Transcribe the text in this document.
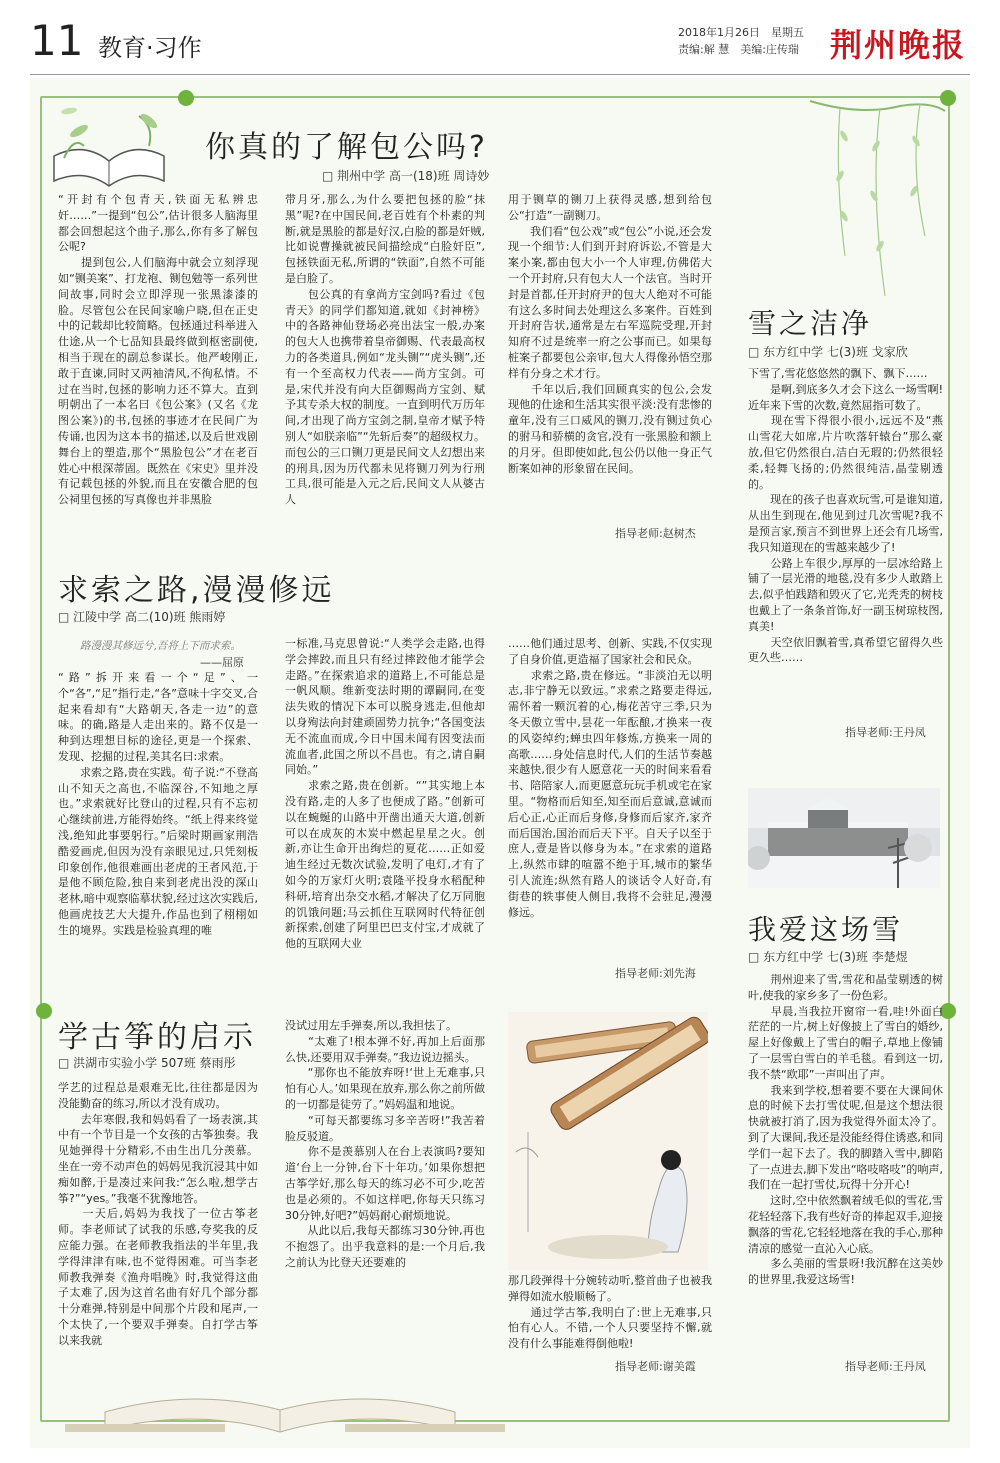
11 教育·习作
2018年1月26日　星期五
责编:解 慧　美编:庄传瑞 荆州晚报
你真的了解包公吗?
□ 荆州中学 高一(18)班 周诗妙
“开封有个包青天,铁面无私辨忠奸……”一提到“包公”,估计很多人脑海里都会回想起这个曲子,那么,你有多了解包公呢?
　　提到包公,人们脑海中就会立刻浮现如“铡美案”、打龙袍、铡包勉等一系列世间故事,同时会立即浮现一张黑漆漆的脸。尽管包公在民间家喻户晓,但在正史中的记载却比较简略。包拯通过科举进入仕途,从一个七品知县最终做到枢密副使,相当于现在的副总参谋长。他严峻刚正,敢于直谏,同时又两袖清风,不徇私情。不过在当时,包拯的影响力还不算大。直到明朝出了一本名曰《包公案》(又名《龙图公案》)的书,包拯的事迹才在民间广为传诵,也因为这本书的描述,以及后世戏剧舞台上的塑造,那个“黑脸包公”才在老百姓心中根深蒂固。既然在《宋史》里并没有记载包拯的外貌,而且在安徽合肥的包公祠里包拯的写真像也并非黑脸
带月牙,那么,为什么要把包拯的脸“抹黑”呢?在中国民间,老百姓有个朴素的判断,就是黑脸的都是好汉,白脸的都是奸贼,比如说曹操就被民间描绘成“白脸奸臣”,包拯铁面无私,所谓的“铁面”,自然不可能是白脸了。
　　包公真的有拿尚方宝剑吗?看过《包青天》的同学们都知道,就如《封神榜》中的各路神仙登场必亮出法宝一般,办案的包大人也携带着皇帝御赐、代表最高权力的各类道具,例如“龙头铡”“虎头铡”,还有一个至高权力代表——尚方宝剑。可是,宋代并没有向大臣御赐尚方宝剑、赋予其专杀大权的制度。一直到明代万历年间,才出现了尚方宝剑之制,皇帝才赋予特别人“如朕亲临”“先斩后奏”的超级权力。而包公的三口铡刀更是民间文人幻想出来的刑具,因为历代都未见将铡刀列为行刑工具,很可能是入元之后,民间文人从婆古人
用于铡草的铡刀上获得灵感,想到给包公“打造”一副铡刀。
　　我们看“包公戏”或“包公”小说,还会发现一个细节:人们到开封府诉讼,不管是大案小案,都由包大小一个人审理,仿佛偌大一个开封府,只有包大人一个法官。当时开封是首都,任开封府尹的包大人绝对不可能有这么多时间去处理这么多案件。百姓到开封府告状,通常是左右军巡院受理,开封知府不过是统率一府之公事而已。如果每桩案子都要包公亲审,包大人得像孙悟空那样有分身之术才行。
　　千年以后,我们回顾真实的包公,会发现他的仕途和生活其实很平淡:没有悲惨的童年,没有三口威风的铡刀,没有铡过负心的驸马和骄横的贪官,没有一张黑脸和额上的月牙。但即使如此,包公仍以他一身正气断案如神的形象留在民间。
指导老师:赵树杰
求索之路,漫漫修远
□ 江陵中学 高二(10)班 熊雨婷
路漫漫其修远兮,吾将上下而求索。
——屈原
“路”拆开来看一个“足”、一个“各”,“足”指行走,“各”意味十字交叉,合起来看却有“大路朝天,各走一边”的意味。的确,路是人走出来的。路不仅是一种到达理想目标的途径,更是一个探索、发现、挖掘的过程,美其名曰:求索。
　　求索之路,贵在实践。荀子说:“不登高山不知天之高也,不临深谷,不知地之厚也。”求索就好比登山的过程,只有不忘初心继续前进,方能得始终。“纸上得来终觉浅,绝知此事要躬行。”后梁时期画家荆浩酷爱画虎,但因为没有亲眼见过,只凭刻板印象创作,他很难画出老虎的王者风范,于是他不顾危险,独自来到老虎出没的深山老林,暗中观察临摹状貌,经过这次实践后,他画虎技艺大大提升,作品也到了栩栩如生的境界。实践是检验真理的唯
一标准,马克思曾说:“人类学会走路,也得学会摔跤,而且只有经过摔跤他才能学会走路。”在探索追求的道路上,不可能总是一帆风顺。维新变法时期的谭嗣同,在变法失败的情况下本可以脱身逃走,但他却以身殉法向封建顽固势力抗争;“各国变法无不流血而成,今日中国未闻有因变法而流血者,此国之所以不昌也。有之,请自嗣同始。”
　　求索之路,贵在创新。“”其实地上本没有路,走的人多了也便成了路。”创新可以在蜿蜒的山路中开凿出通天大道,创新可以在成灰的木炭中燃起星星之火。创新,亦让生命开出绚烂的夏花……正如爱迪生经过无数次试验,发明了电灯,才有了如今的万家灯火明;袁隆平投身水稻配种科研,培育出杂交水稻,才解决了亿万同胞的饥饿问题;马云抓住互联网时代特征创新探索,创建了阿里巴巴支付宝,才成就了他的互联网大业
……他们通过思考、创新、实践,不仅实现了自身价值,更造福了国家社会和民众。
　　求索之路,贵在修远。“非淡泊无以明志,非宁静无以致远。”求索之路要走得远,需怀着一颗沉着的心,梅花苦守三季,只为冬天傲立雪中,昙花一年酝酿,才换来一夜的风姿绰约;蝉虫四年修炼,方换来一周的高歌……身处信息时代,人们的生活节奏越来越快,很少有人愿意花一天的时间来看看书、陪陪家人,而更愿意玩玩手机或宅在家里。“物格而后知至,知至而后意诚,意诚而后心正,心正而后身修,身修而后家齐,家齐而后国治,国治而后天下平。自天子以至于庶人,壹是皆以修身为本。”在求索的道路上,纵然市肆的喧嚣不绝于耳,城市的繁华引人流连;纵然有路人的谈话令人好奇,有街巷的轶事使人侧目,我将不会驻足,漫漫修远。
指导老师:刘先海
学古筝的启示
□ 洪湖市实验小学 507班 蔡雨彤
学艺的过程总是艰难无比,往往都是因为没能勤奋的练习,所以才没有成功。
　　去年寒假,我和妈妈看了一场表演,其中有一个节目是一个女孩的古筝独奏。我见她弹得十分精彩,不由生出几分羡慕。坐在一旁不动声色的妈妈见我沉浸其中如痴如醉,于是凑过来问我:“怎么啦,想学古筝?”“yes。”我毫不犹豫地答。
　　一天后,妈妈为我找了一位古筝老师。李老师试了试我的乐感,夸奖我的反应能力强。在老师教我指法的半年里,我学得津津有味,也不觉得困难。可当李老师教我弹奏《渔舟唱晚》时,我觉得这曲子太难了,因为这首名曲有好几个部分都十分难弹,特别是中间那个片段和尾声,一个太快了,一个要双手弹奏。自打学古筝以来我就
没试过用左手弹奏,所以,我担怯了。
　　“太难了!根本弹不好,再加上后面那么快,还要用双手弹奏。”我边说边摇头。
　　“那你也不能放弃呀!‘世上无难事,只怕有心人。’如果现在放弃,那么你之前所做的一切都是徒劳了。”妈妈温和地说。
　　“可每天都要练习多辛苦呀!”我苦着脸反驳道。
　　你不是羡慕别人在台上表演吗?要知道‘台上一分钟,台下十年功。’如果你想把古筝学好,那么每天的练习必不可少,吃苦也是必须的。不如这样吧,你每天只练习30分钟,好吧?”妈妈耐心耐烦地说。
　　从此以后,我每天都练习30分钟,再也不抱怨了。出乎我意料的是:一个月后,我之前认为比登天还要难的
那几段弹得十分婉转动听,整首曲子也被我弹得如流水般顺畅了。
　　通过学古筝,我明白了:世上无难事,只怕有心人。不错,一个人只要坚持不懈,就没有什么事能难得倒他啦!
指导老师:谢美霞
雪之洁净
□ 东方红中学 七(3)班 戈家欣
下雪了,雪花悠悠然的飘下、飘下……
　　是啊,到底多久才会下这么一场雪啊!近年来下雪的次数,竟然屈指可数了。
　　现在雪下得很小很小,远远不及“燕山雪花大如席,片片吹落轩辕台”那么豪放,但它仍然很白,洁白无瑕的;仍然很轻柔,轻舞飞扬的;仍然很纯洁,晶莹剔透的。
　　现在的孩子也喜欢玩雪,可是谁知道,从出生到现在,他见到过几次雪呢?我不是预言家,预言不到世界上还会有几场雪,我只知道现在的雪越来越少了!
　　公路上车很少,厚厚的一层冰给路上铺了一层光滑的地毯,没有多少人敢踏上去,似乎怕践踏和毁灭了它,光秃秃的树枝也戴上了一条条首饰,好一副玉树琼枝图,真美!
　　天空依旧飘着雪,真希望它留得久些更久些……
指导老师:王丹凤
我爱这场雪
□ 东方红中学 七(3)班 李楚煜
　　荆州迎来了雪,雪花和晶莹剔透的树叶,使我的家乡多了一份色彩。
　　早晨,当我拉开窗帘一看,哇!外面白茫茫的一片,树上好像披上了雪白的婚纱,屋上好像戴上了雪白的帽子,草地上像铺了一层雪白雪白的羊毛毯。看到这一切,我不禁“欧耶”一声叫出了声。
　　我来到学校,想着要不要在大课间休息的时候下去打雪仗呢,但是这个想法很快就被打消了,因为我觉得外面太冷了。到了大课间,我还是没能经得住诱惑,和同学们一起下去了。我的脚踏入雪中,脚陷了一点进去,脚下发出“咯吱咯吱”的响声,我们在一起打雪仗,玩得十分开心!
　　这时,空中依然飘着绒毛似的雪花,雪花轻轻落下,我有些好奇的捧起双手,迎接飘落的雪花,它轻轻地落在我的手心,那种清凉的感觉一直沁入心底。
　　多么美丽的雪景呀!我沉醉在这美妙的世界里,我爱这场雪!
指导老师:王丹凤
